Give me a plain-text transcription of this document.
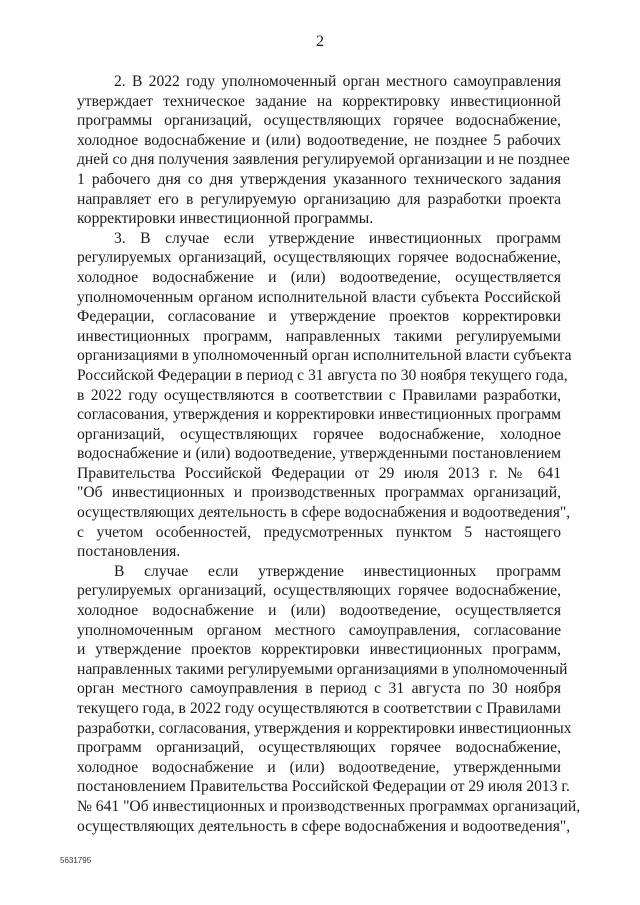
2
2. В 2022 году уполномоченный орган местного самоуправления
утверждает техническое задание на корректировку инвестиционной
программы организаций, осуществляющих горячее водоснабжение,
холодное водоснабжение и (или) водоотведение, не позднее 5 рабочих
дней со дня получения заявления регулируемой организации и не позднее
1 рабочего дня со дня утверждения указанного технического задания
направляет его в регулируемую организацию для разработки проекта
корректировки инвестиционной программы.
3. В случае если утверждение инвестиционных программ
регулируемых организаций, осуществляющих горячее водоснабжение,
холодное водоснабжение и (или) водоотведение, осуществляется
уполномоченным органом исполнительной власти субъекта Российской
Федерации, согласование и утверждение проектов корректировки
инвестиционных программ, направленных такими регулируемыми
организациями в уполномоченный орган исполнительной власти субъекта
Российской Федерации в период с 31 августа по 30 ноября текущего года,
в 2022 году осуществляются в соответствии с Правилами разработки,
согласования, утверждения и корректировки инвестиционных программ
организаций, осуществляющих горячее водоснабжение, холодное
водоснабжение и (или) водоотведение, утвержденными постановлением
Правительства Российской Федерации от 29 июля 2013 г. № 641
"Об инвестиционных и производственных программах организаций,
осуществляющих деятельность в сфере водоснабжения и водоотведения",
с учетом особенностей, предусмотренных пунктом 5 настоящего
постановления.
В случае если утверждение инвестиционных программ
регулируемых организаций, осуществляющих горячее водоснабжение,
холодное водоснабжение и (или) водоотведение, осуществляется
уполномоченным органом местного самоуправления, согласование
и утверждение проектов корректировки инвестиционных программ,
направленных такими регулируемыми организациями в уполномоченный
орган местного самоуправления в период с 31 августа по 30 ноября
текущего года, в 2022 году осуществляются в соответствии с Правилами
разработки, согласования, утверждения и корректировки инвестиционных
программ организаций, осуществляющих горячее водоснабжение,
холодное водоснабжение и (или) водоотведение, утвержденными
постановлением Правительства Российской Федерации от 29 июля 2013 г.
№ 641 "Об инвестиционных и производственных программах организаций,
осуществляющих деятельность в сфере водоснабжения и водоотведения",
5631795
